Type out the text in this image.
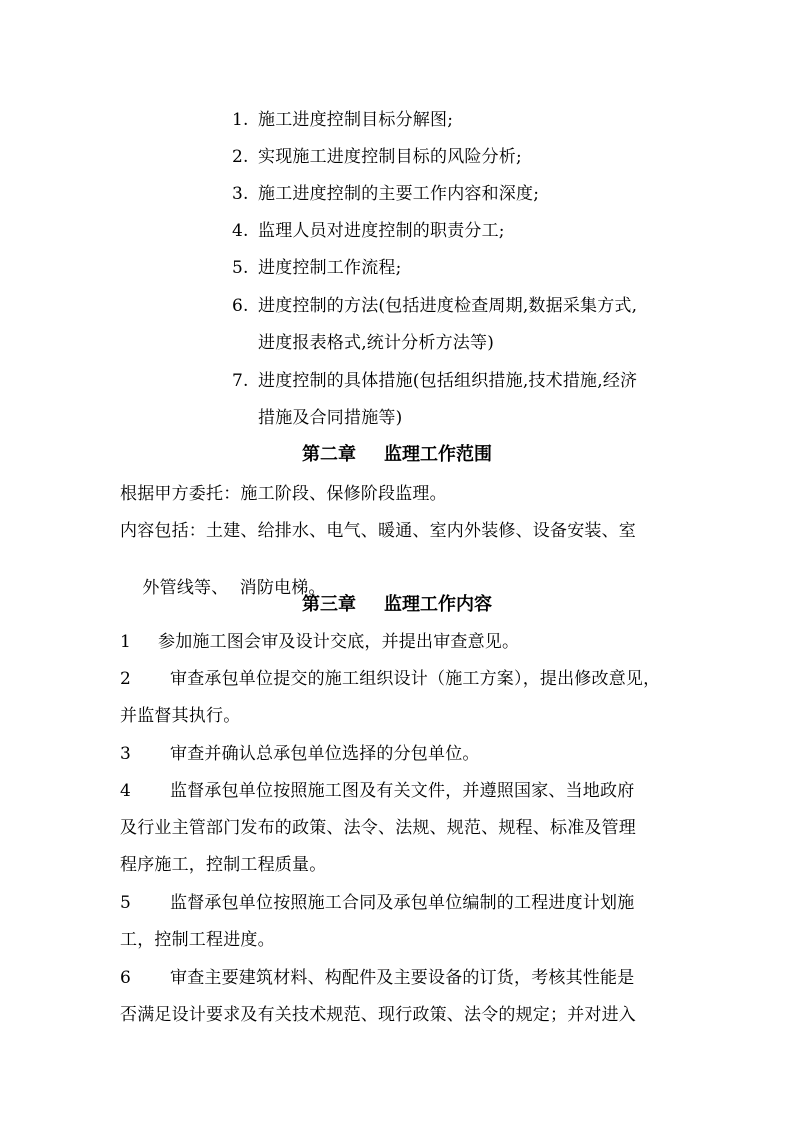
1. 施工进度控制目标分解图;
2. 实现施工进度控制目标的风险分析;
3. 施工进度控制的主要工作内容和深度;
4. 监理人员对进度控制的职责分工;
5. 进度控制工作流程;
6. 进度控制的方法(包括进度检查周期,数据采集方式,
进度报表格式,统计分析方法等)
7. 进度控制的具体措施(包括组织措施,技术措施,经济
措施及合同措施等)
第二章 监理工作范围
根据甲方委托：施工阶段、保修阶段监理。
内容包括：土建、给排水、电气、暖通、室内外装修、设备安装、室

外管线等、  消防电梯。

第三章 监理工作内容
1 参加施工图会审及设计交底，并提出审查意见。
2 审查承包单位提交的施工组织设计（施工方案），提出修改意见，
并监督其执行。
3 审查并确认总承包单位选择的分包单位。
4 监督承包单位按照施工图及有关文件，并遵照国家、当地政府
及行业主管部门发布的政策、法令、法规、规范、规程、标准及管理
程序施工，控制工程质量。
5 监督承包单位按照施工合同及承包单位编制的工程进度计划施
工，控制工程进度。
6 审查主要建筑材料、构配件及主要设备的订货，考核其性能是
否满足设计要求及有关技术规范、现行政策、法令的规定；并对进入
